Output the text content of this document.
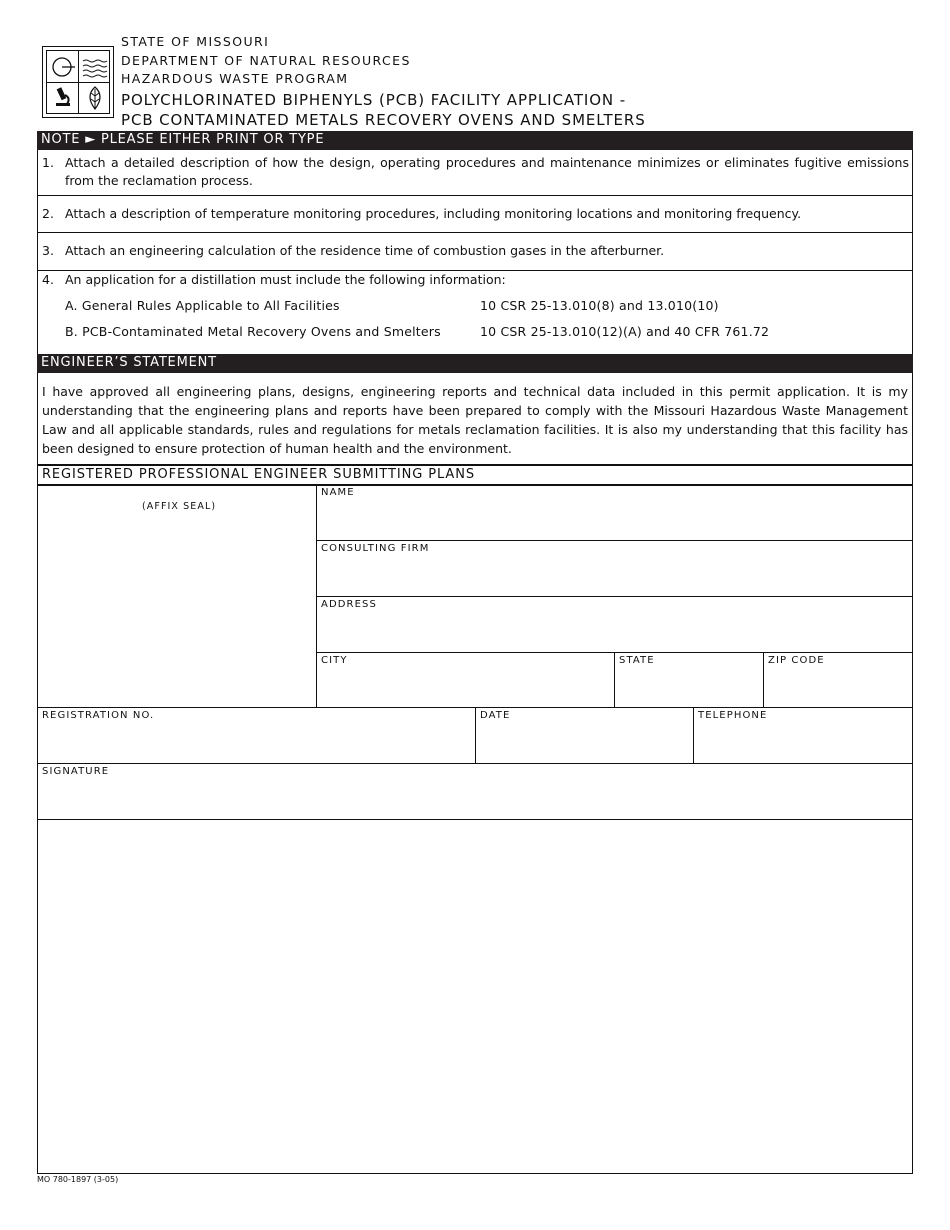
STATE OF MISSOURI
DEPARTMENT OF NATURAL RESOURCES
HAZARDOUS WASTE PROGRAM
POLYCHLORINATED BIPHENYLS (PCB) FACILITY APPLICATION -
PCB CONTAMINATED METALS RECOVERY OVENS AND SMELTERS
NOTE ► PLEASE EITHER PRINT OR TYPE
1. Attach a detailed description of how the design, operating procedures and maintenance minimizes or eliminates fugitive emissions from the reclamation process.
2. Attach a description of temperature monitoring procedures, including monitoring locations and monitoring frequency.
3. Attach an engineering calculation of the residence time of combustion gases in the afterburner.
4. An application for a distillation must include the following information:
A. General Rules Applicable to All Facilities	10 CSR 25-13.010(8) and 13.010(10)
B. PCB-Contaminated Metal Recovery Ovens and Smelters	10 CSR 25-13.010(12)(A) and 40 CFR 761.72
ENGINEER’S STATEMENT
I have approved all engineering plans, designs, engineering reports and technical data included in this permit application. It is my understanding that the engineering plans and reports have been prepared to comply with the Missouri Hazardous Waste Management Law and all applicable standards, rules and regulations for metals reclamation facilities. It is also my understanding that this facility has been designed to ensure protection of human health and the environment.
REGISTERED PROFESSIONAL ENGINEER SUBMITTING PLANS
(AFFIX SEAL)
NAME
CONSULTING FIRM
ADDRESS
CITY	STATE	ZIP CODE
REGISTRATION NO.	DATE	TELEPHONE
SIGNATURE
MO 780-1897 (3-05)
